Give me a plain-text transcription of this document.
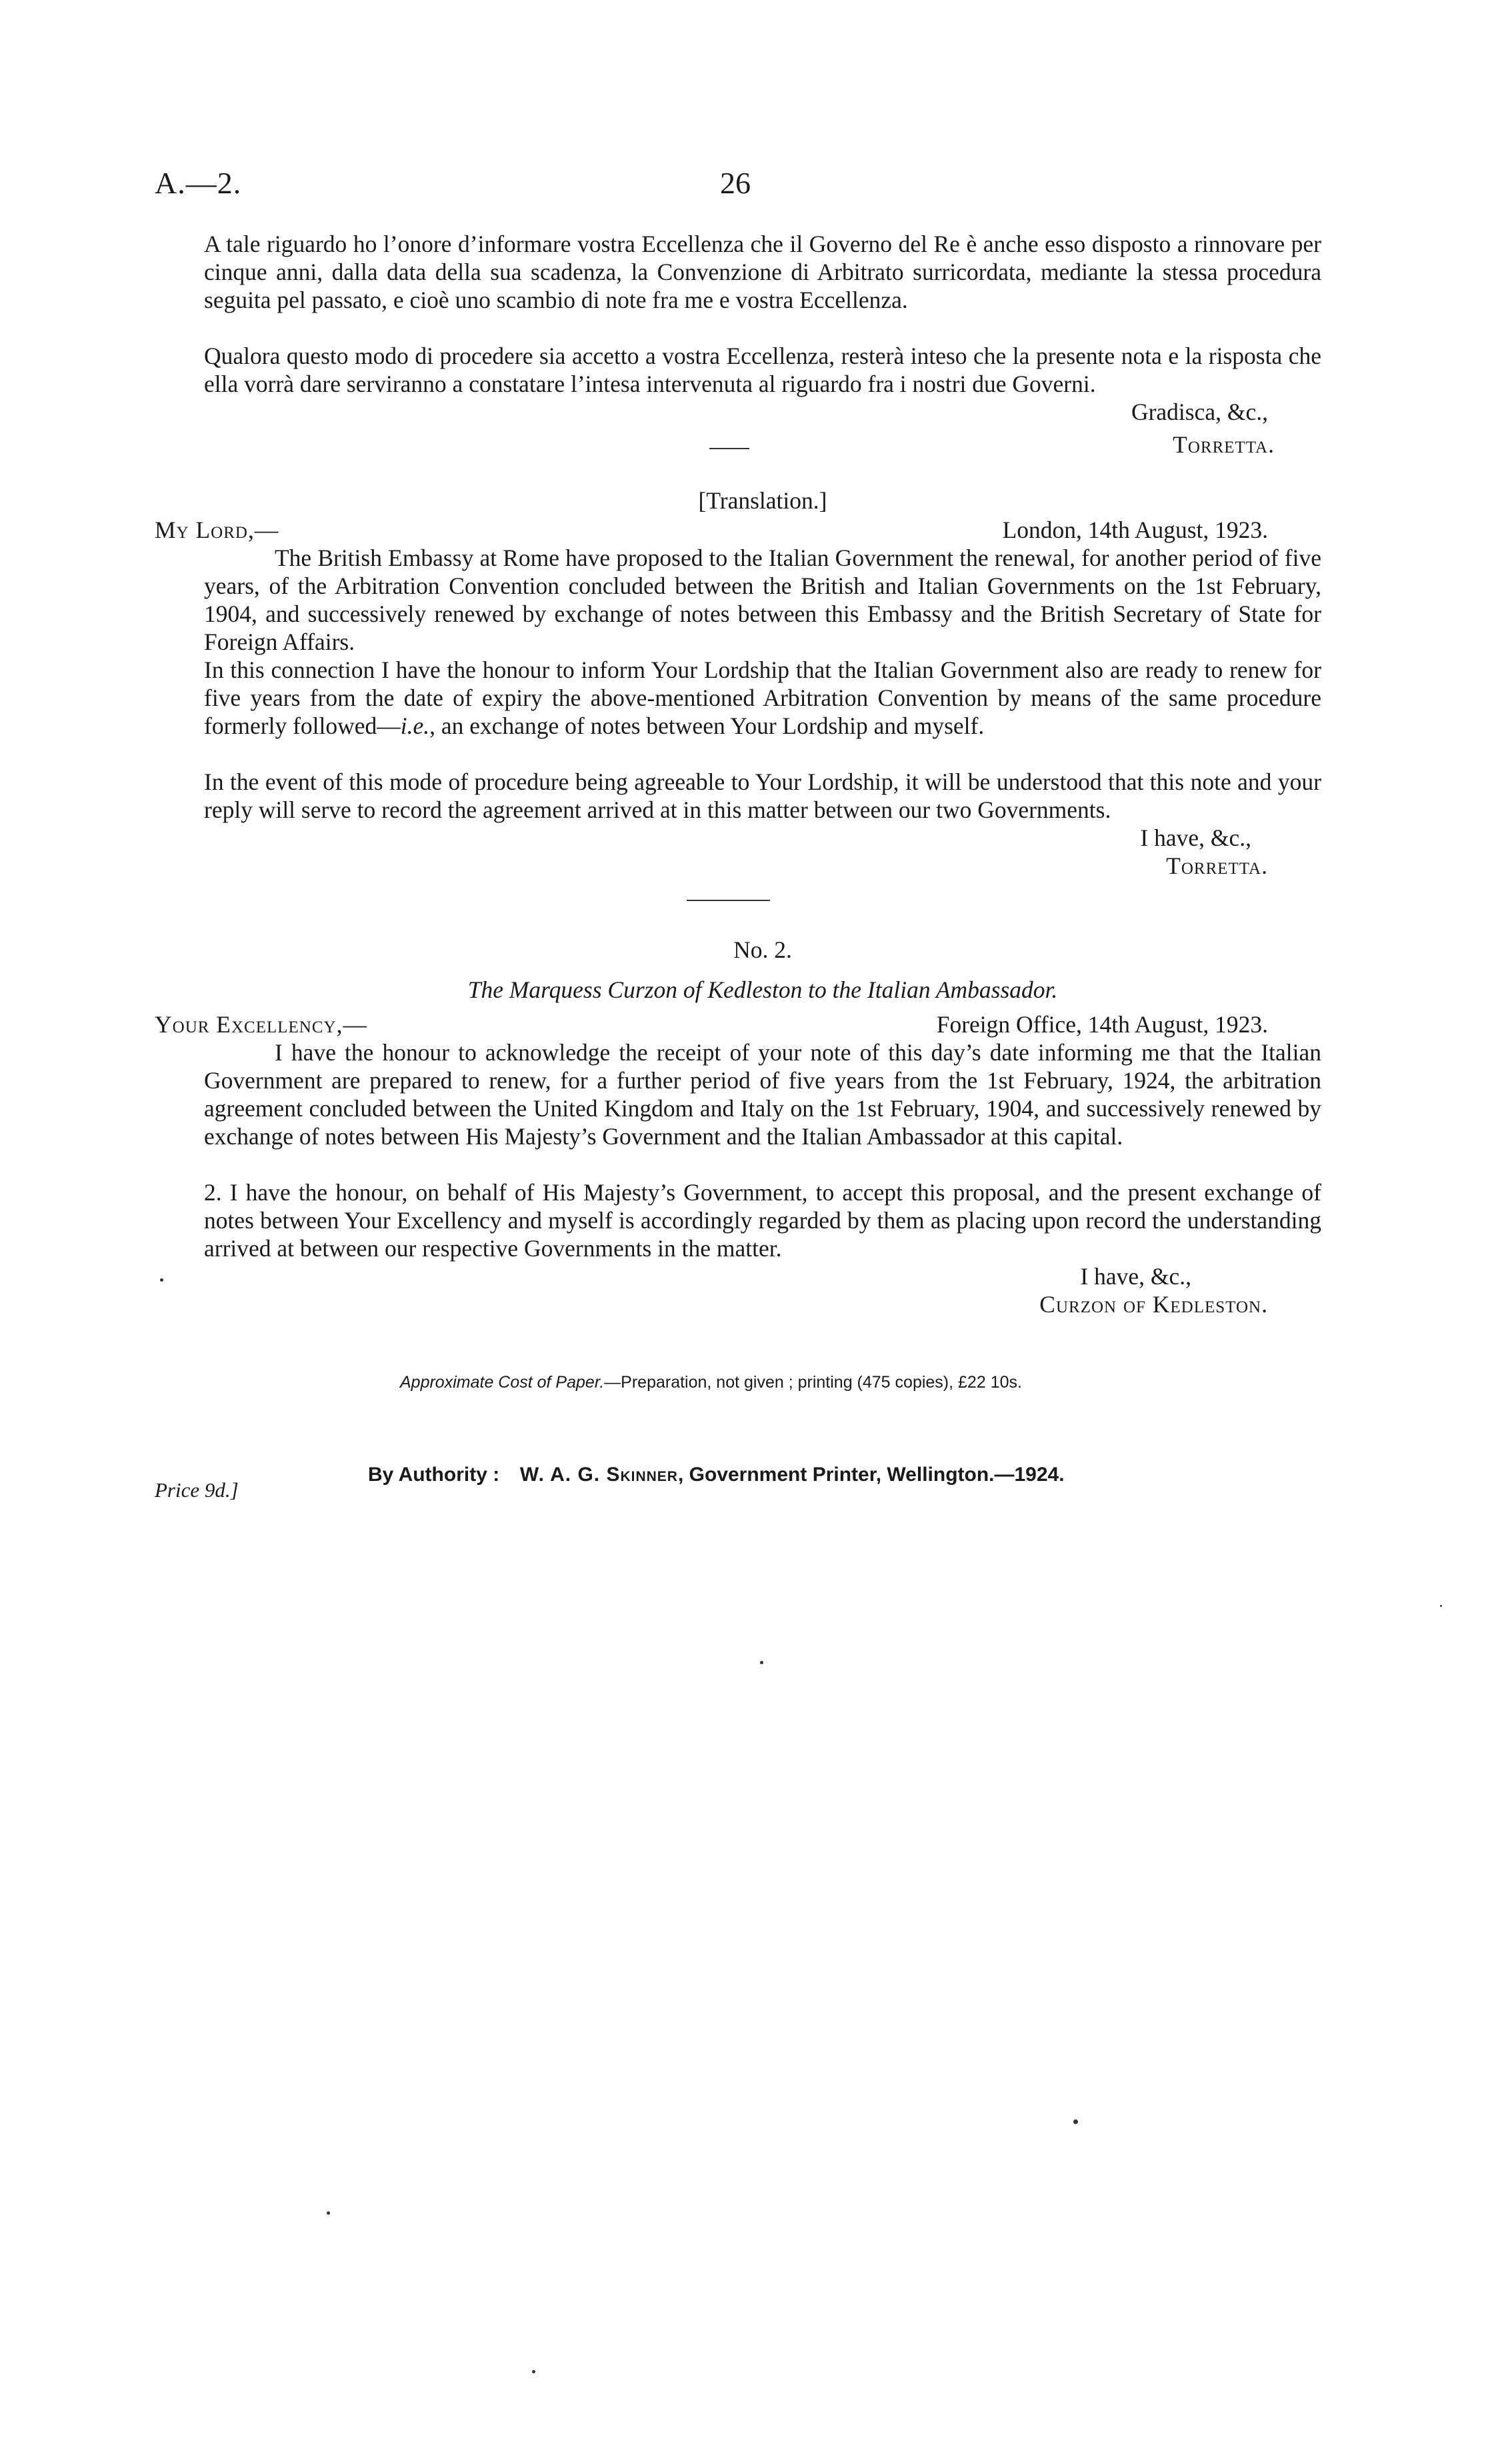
A.—2.	26

A tale riguardo ho l’onore d’informare vostra Eccellenza che il Governo del Re è anche esso disposto a rinnovare per cinque anni, dalla data della sua scadenza, la Convenzione di Arbitrato surricordata, mediante la stessa procedura seguita pel passato, e cioè uno scambio di note fra me e vostra Eccellenza.

Qualora questo modo di procedere sia accetto a vostra Eccellenza, resterà inteso che la presente nota e la risposta che ella vorrà dare serviranno a constatare l’intesa intervenuta al riguardo fra i nostri due Governi.

Gradisca, &c.,
Torretta.
[Translation.]
My Lord,—	London, 14th August, 1923.
The British Embassy at Rome have proposed to the Italian Government the renewal, for another period of five years, of the Arbitration Convention concluded between the British and Italian Governments on the 1st February, 1904, and successively renewed by exchange of notes between this Embassy and the British Secretary of State for Foreign Affairs.
In this connection I have the honour to inform Your Lordship that the Italian Government also are ready to renew for five years from the date of expiry the above-mentioned Arbitration Convention by means of the same procedure formerly followed—i.e., an exchange of notes between Your Lordship and myself.
In the event of this mode of procedure being agreeable to Your Lordship, it will be understood that this note and your reply will serve to record the agreement arrived at in this matter between our two Governments.
I have, &c.,
Torretta.
No. 2.
The Marquess Curzon of Kedleston to the Italian Ambassador.
Your Excellency,—	Foreign Office, 14th August, 1923.
I have the honour to acknowledge the receipt of your note of this day’s date informing me that the Italian Government are prepared to renew, for a further period of five years from the 1st February, 1924, the arbitration agreement concluded between the United Kingdom and Italy on the 1st February, 1904, and successively renewed by exchange of notes between His Majesty’s Government and the Italian Ambassador at this capital.
2. I have the honour, on behalf of His Majesty’s Government, to accept this proposal, and the present exchange of notes between Your Excellency and myself is accordingly regarded by them as placing upon record the understanding arrived at between our respective Governments in the matter.
I have, &c.,
Curzon of Kedleston.
Approximate Cost of Paper.—Preparation, not given ; printing (475 copies), £22 10s.
By Authority : W. A. G. Skinner, Government Printer, Wellington.—1924.
Price 9d.]
